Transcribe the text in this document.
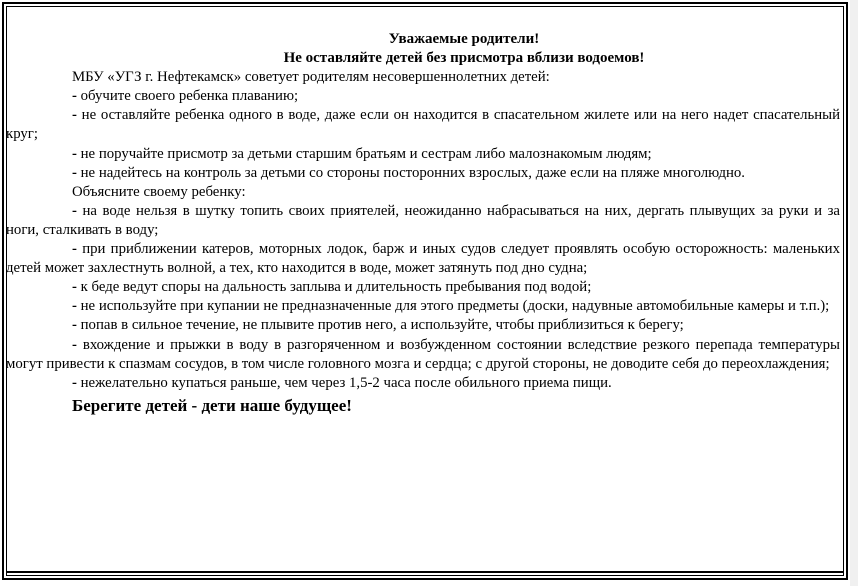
Уважаемые родители!

Не оставляйте детей без присмотра вблизи водоемов!

МБУ «УГЗ г. Нефтекамск» советует родителям несовершеннолетних детей:

- обучите своего ребенка плаванию;

- не оставляйте ребенка одного в воде, даже если он находится в спасательном жилете или на него надет спасательный круг;

- не поручайте присмотр за детьми старшим братьям и сестрам либо малознакомым людям;

- не надейтесь на контроль за детьми со стороны посторонних взрослых, даже если на пляже многолюдно.

Объясните своему ребенку:

- на воде нельзя в шутку топить своих приятелей, неожиданно набрасываться на них, дергать плывущих за руки и за ноги, сталкивать в воду;

- при приближении катеров, моторных лодок, барж и иных судов следует проявлять особую осторожность: маленьких детей может захлестнуть волной, а тех, кто находится в воде, может затянуть под дно судна;

- к беде ведут споры на дальность заплыва и длительность пребывания под водой;

- не используйте при купании не предназначенные для этого предметы (доски, надувные автомобильные камеры и т.п.);

- попав в сильное течение, не плывите против него, а используйте, чтобы приблизиться к берегу;

- вхождение и прыжки в воду в разгоряченном и возбужденном состоянии вследствие резкого перепада температуры могут привести к спазмам сосудов, в том числе головного мозга и сердца; с другой стороны, не доводите себя до переохлаждения;

- нежелательно купаться раньше, чем через 1,5-2 часа после обильного приема пищи.

Берегите детей - дети наше будущее!
